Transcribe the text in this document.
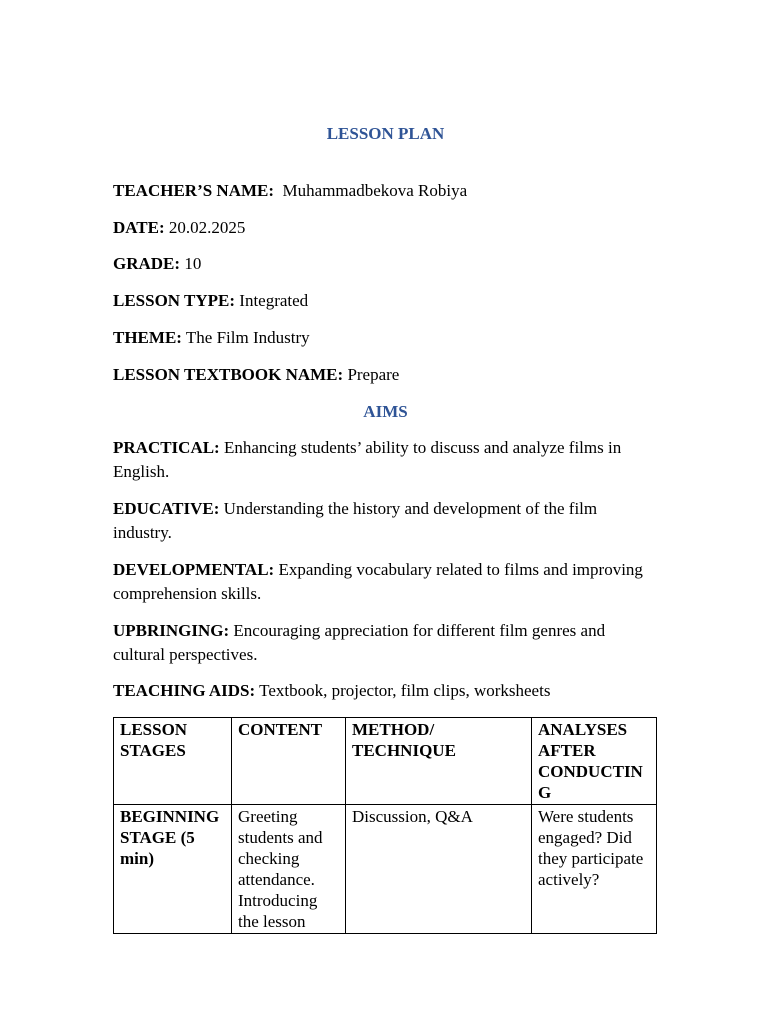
LESSON PLAN
TEACHER’S NAME: Muhammadbekova Robiya
DATE: 20.02.2025
GRADE: 10
LESSON TYPE: Integrated
THEME: The Film Industry
LESSON TEXTBOOK NAME: Prepare
AIMS
PRACTICAL: Enhancing students’ ability to discuss and analyze films in English.
EDUCATIVE: Understanding the history and development of the film industry.
DEVELOPMENTAL: Expanding vocabulary related to films and improving comprehension skills.
UPBRINGING: Encouraging appreciation for different film genres and cultural perspectives.
TEACHING AIDS: Textbook, projector, film clips, worksheets
LESSON STAGES	CONTENT	METHOD/ TECHNIQUE	ANALYSES AFTER CONDUCTING
BEGINNING STAGE (5 min)	Greeting students and checking attendance. Introducing the lesson	Discussion, Q&A	Were students engaged? Did they participate actively?
